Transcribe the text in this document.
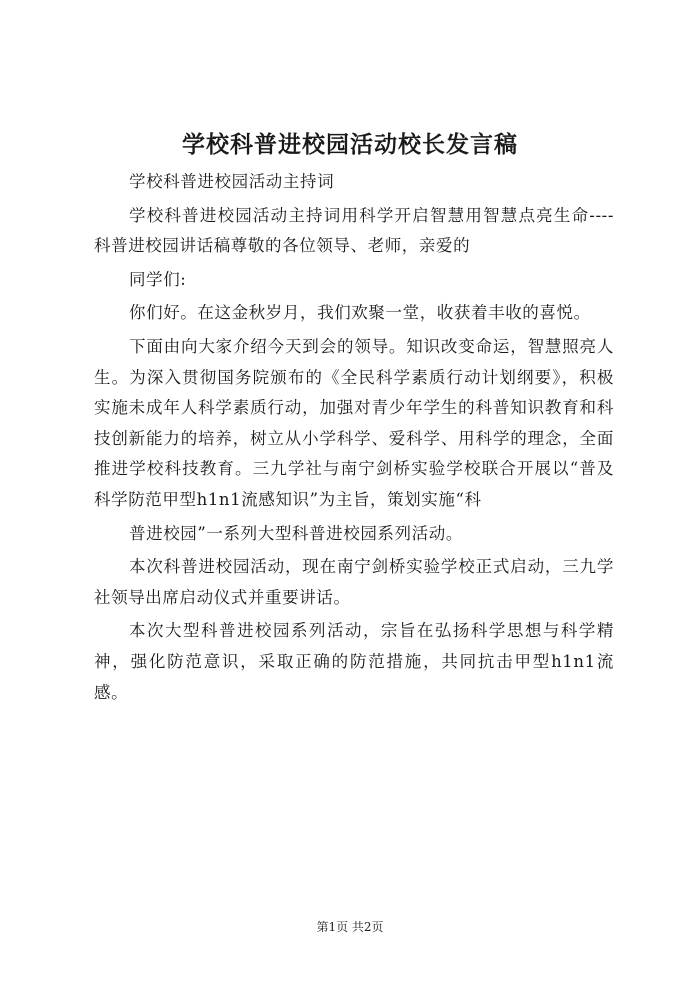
学校科普进校园活动校长发言稿

学校科普进校园活动主持词

学校科普进校园活动主持词用科学开启智慧用智慧点亮生命----科普进校园讲话稿尊敬的各位领导、老师，亲爱的

同学们:

你们好。在这金秋岁月，我们欢聚一堂，收获着丰收的喜悦。

下面由向大家介绍今天到会的领导。知识改变命运，智慧照亮人生。为深入贯彻国务院颁布的《全民科学素质行动计划纲要》，积极实施未成年人科学素质行动，加强对青少年学生的科普知识教育和科技创新能力的培养，树立从小学科学、爱科学、用科学的理念，全面推进学校科技教育。三九学社与南宁剑桥实验学校联合开展以“普及科学防范甲型h1n1流感知识”为主旨，策划实施“科

普进校园”一系列大型科普进校园系列活动。

本次科普进校园活动，现在南宁剑桥实验学校正式启动，三九学社领导出席启动仪式并重要讲话。

本次大型科普进校园系列活动，宗旨在弘扬科学思想与科学精神，强化防范意识，采取正确的防范措施，共同抗击甲型h1n1流感。

第1页 共2页
